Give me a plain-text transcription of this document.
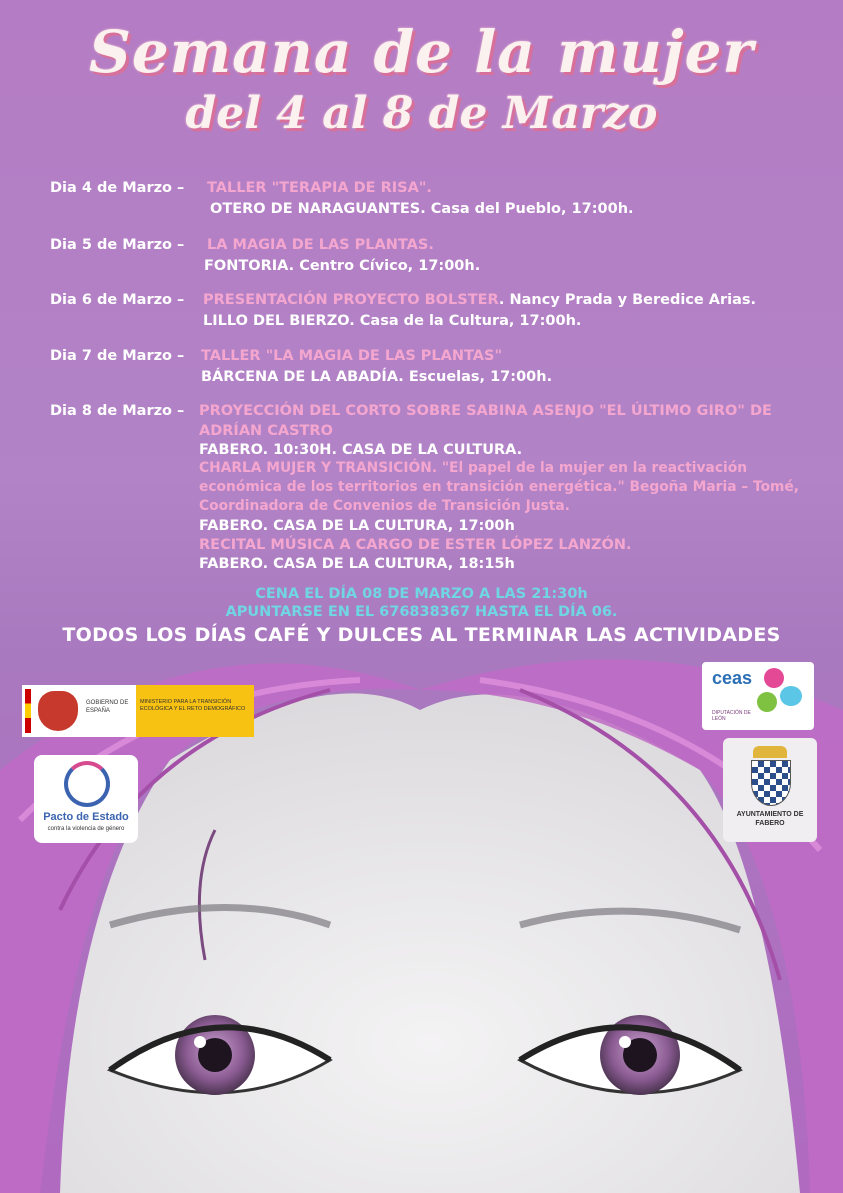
Semana de la mujer
del 4 al 8 de Marzo
Dia 4 de Marzo – TALLER "TERAPIA DE RISA".
OTERO DE NARAGUANTES. Casa del Pueblo, 17:00h.
Dia 5 de Marzo – LA MAGIA DE LAS PLANTAS.
FONTORIA. Centro Cívico, 17:00h.
Dia 6 de Marzo – PRESENTACIÓN PROYECTO BOLSTER. Nancy Prada y Beredice Arias.
LILLO DEL BIERZO. Casa de la Cultura, 17:00h.
Dia 7 de Marzo – TALLER "LA MAGIA DE LAS PLANTAS"
BÁRCENA DE LA ABADÍA. Escuelas, 17:00h.
Dia 8 de Marzo – PROYECCIÓN DEL CORTO SOBRE SABINA ASENJO "EL ÚLTIMO GIRO" DE ADRÍAN CASTRO
FABERO. 10:30H. CASA DE LA CULTURA.
CHARLA MUJER Y TRANSICIÓN. "El papel de la mujer en la reactivación económica de los territorios en transición energética." Begoña Maria – Tomé, Coordinadora de Convenios de Transición Justa.
FABERO. CASA DE LA CULTURA, 17:00h
RECITAL MÚSICA A CARGO DE ESTER LÓPEZ LANZÓN.
FABERO. CASA DE LA CULTURA, 18:15h
CENA EL DÍA 08 DE MARZO A LAS 21:30h
APUNTARSE EN EL 676838367 HASTA EL DÍA 06.
TODOS LOS DÍAS CAFÉ Y DULCES AL TERMINAR LAS ACTIVIDADES
GOBIERNO DE ESPAÑA
MINISTERIO PARA LA TRANSICIÓN ECOLÓGICA Y EL RETO DEMOGRÁFICO
ceas
DIPUTACIÓN DE LEÓN
Pacto de Estado
contra la violencia de género
AYUNTAMIENTO DE FABERO
